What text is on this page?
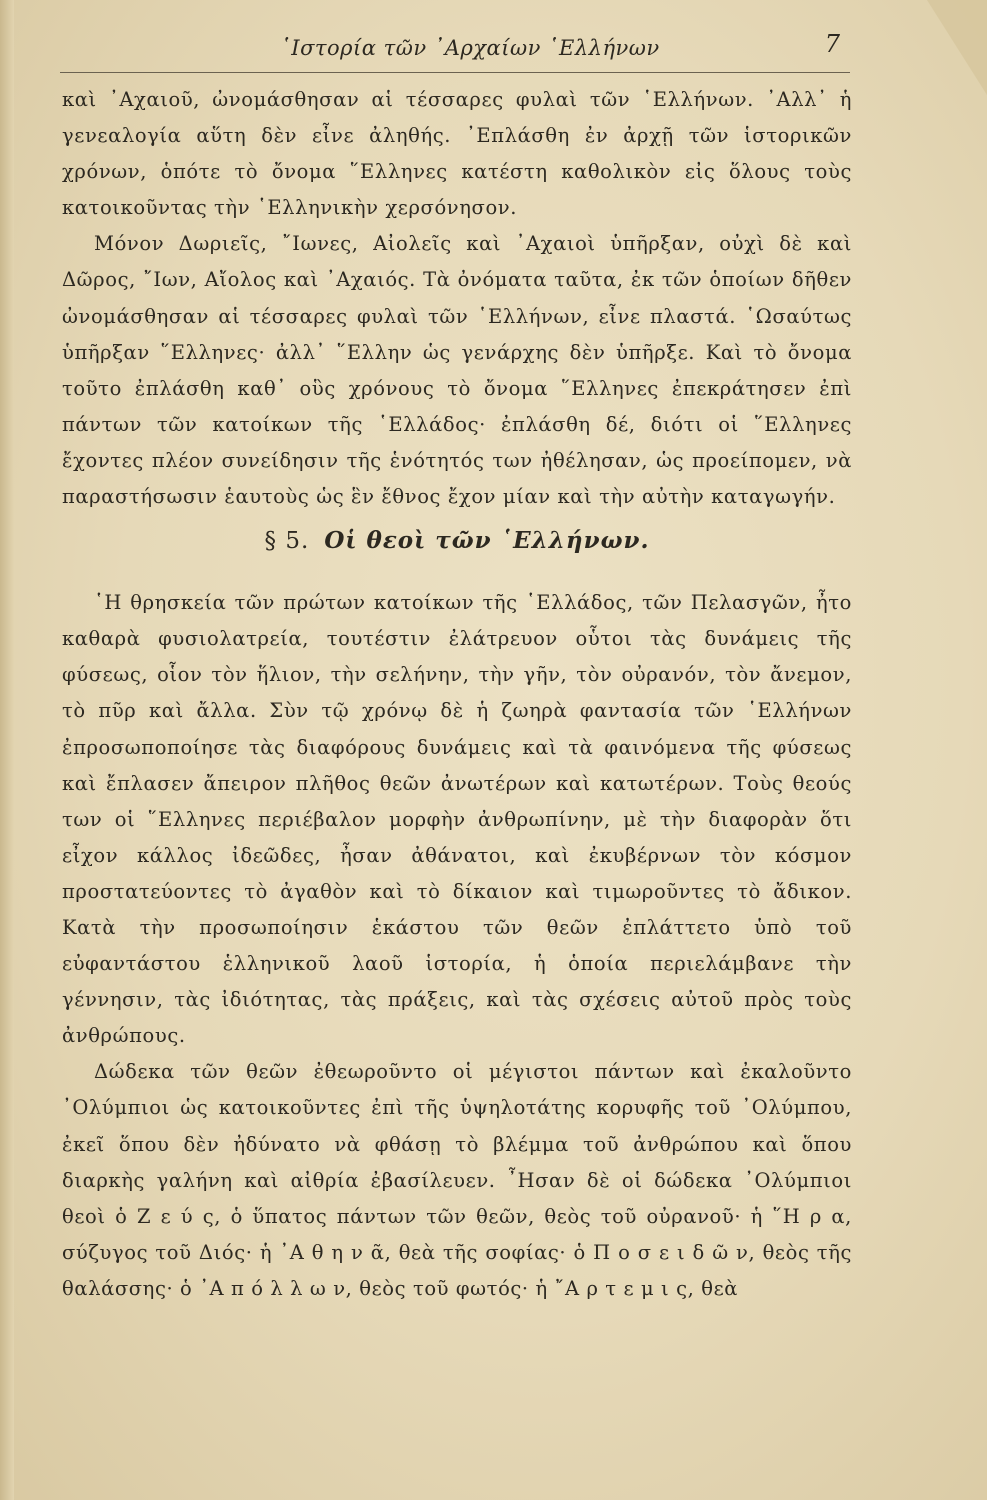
῾Ιστορία τῶν ᾿Αρχαίων ῾Ελλήνων	7

καὶ ᾿Αχαιοῦ, ὠνομάσθησαν αἱ τέσσαρες φυλαὶ τῶν ῾Ελλήνων. ᾿Αλλ᾿ ἡ γενεαλογία αὕτη δὲν εἶνε ἀληθής. ᾿Επλάσθη ἐν ἀρχῇ τῶν ἱστορικῶν χρόνων, ὁπότε τὸ ὄνομα ῞Ελληνες κατέστη καθολικὸν εἰς ὅλους τοὺς κατοικοῦντας τὴν ῾Ελληνικὴν χερσόνησον.

Μόνον Δωριεῖς, ῎Ιωνες, Αἰολεῖς καὶ ᾿Αχαιοὶ ὑπῆρξαν, οὐχὶ δὲ καὶ Δῶρος, ῎Ιων, Αἴολος καὶ ᾿Αχαιός. Τὰ ὀνόματα ταῦτα, ἐκ τῶν ὁποίων δῆθεν ὠνομάσθησαν αἱ τέσσαρες φυλαὶ τῶν ῾Ελλήνων, εἶνε πλαστά. ῾Ωσαύτως ὑπῆρξαν ῞Ελληνες· ἀλλ᾿ ῞Ελλην ὡς γενάρχης δὲν ὑπῆρξε. Καὶ τὸ ὄνομα τοῦτο ἐπλάσθη καθ᾿ οὓς χρόνους τὸ ὄνομα ῞Ελληνες ἐπεκράτησεν ἐπὶ πάντων τῶν κατοίκων τῆς ῾Ελλάδος· ἐπλάσθη δέ, διότι οἱ ῞Ελληνες ἔχοντες πλέον συνείδησιν τῆς ἑνότητός των ἠθέλησαν, ὡς προείπομεν, νὰ παραστήσωσιν ἑαυτοὺς ὡς ἓν ἔθνος ἔχον μίαν καὶ τὴν αὐτὴν καταγωγήν.

§ 5. Οἱ θεοὶ τῶν ῾Ελλήνων.

῾Η θρησκεία τῶν πρώτων κατοίκων τῆς ῾Ελλάδος, τῶν Πελασγῶν, ἦτο καθαρὰ φυσιολατρεία, τουτέστιν ἐλάτρευον οὗτοι τὰς δυνάμεις τῆς φύσεως, οἷον τὸν ἥλιον, τὴν σελήνην, τὴν γῆν, τὸν οὐρανόν, τὸν ἄνεμον, τὸ πῦρ καὶ ἄλλα. Σὺν τῷ χρόνῳ δὲ ἡ ζωηρὰ φαντασία τῶν ῾Ελλήνων ἐπροσωποποίησε τὰς διαφόρους δυνάμεις καὶ τὰ φαινόμενα τῆς φύσεως καὶ ἔπλασεν ἄπειρον πλῆθος θεῶν ἀνωτέρων καὶ κατωτέρων. Τοὺς θεούς των οἱ ῞Ελληνες περιέβαλον μορφὴν ἀνθρωπίνην, μὲ τὴν διαφορὰν ὅτι εἶχον κάλλος ἰδεῶδες, ἦσαν ἀθάνατοι, καὶ ἐκυβέρνων τὸν κόσμον προστατεύοντες τὸ ἀγαθὸν καὶ τὸ δίκαιον καὶ τιμωροῦντες τὸ ἄδικον. Κατὰ τὴν προσωποίησιν ἑκάστου τῶν θεῶν ἐπλάττετο ὑπὸ τοῦ εὐφαντάστου ἑλληνικοῦ λαοῦ ἱστορία, ἡ ὁποία περιελάμβανε τὴν γέννησιν, τὰς ἰδιότητας, τὰς πράξεις, καὶ τὰς σχέσεις αὐτοῦ πρὸς τοὺς ἀνθρώπους.

Δώδεκα τῶν θεῶν ἐθεωροῦντο οἱ μέγιστοι πάντων καὶ ἐκαλοῦντο ᾿Ολύμπιοι ὡς κατοικοῦντες ἐπὶ τῆς ὑψηλοτάτης κορυφῆς τοῦ ᾿Ολύμπου, ἐκεῖ ὅπου δὲν ἠδύνατο νὰ φθάσῃ τὸ βλέμμα τοῦ ἀνθρώπου καὶ ὅπου διαρκὴς γαλήνη καὶ αἰθρία ἐβασίλευεν. ῏Ησαν δὲ οἱ δώδεκα ᾿Ολύμπιοι θεοὶ ὁ Ζ ε ύ ς, ὁ ὕπατος πάντων τῶν θεῶν, θεὸς τοῦ οὐρανοῦ· ἡ ῞Η ρ α, σύζυγος τοῦ Διός· ἡ ᾿Α θ η ν ᾶ, θεὰ τῆς σοφίας· ὁ Π ο σ ε ι δ ῶ ν, θεὸς τῆς θαλάσσης· ὁ ᾿Α π ό λ λ ω ν, θεὸς τοῦ φωτός· ἡ ῎Α ρ τ ε μ ι ς, θεὰ
